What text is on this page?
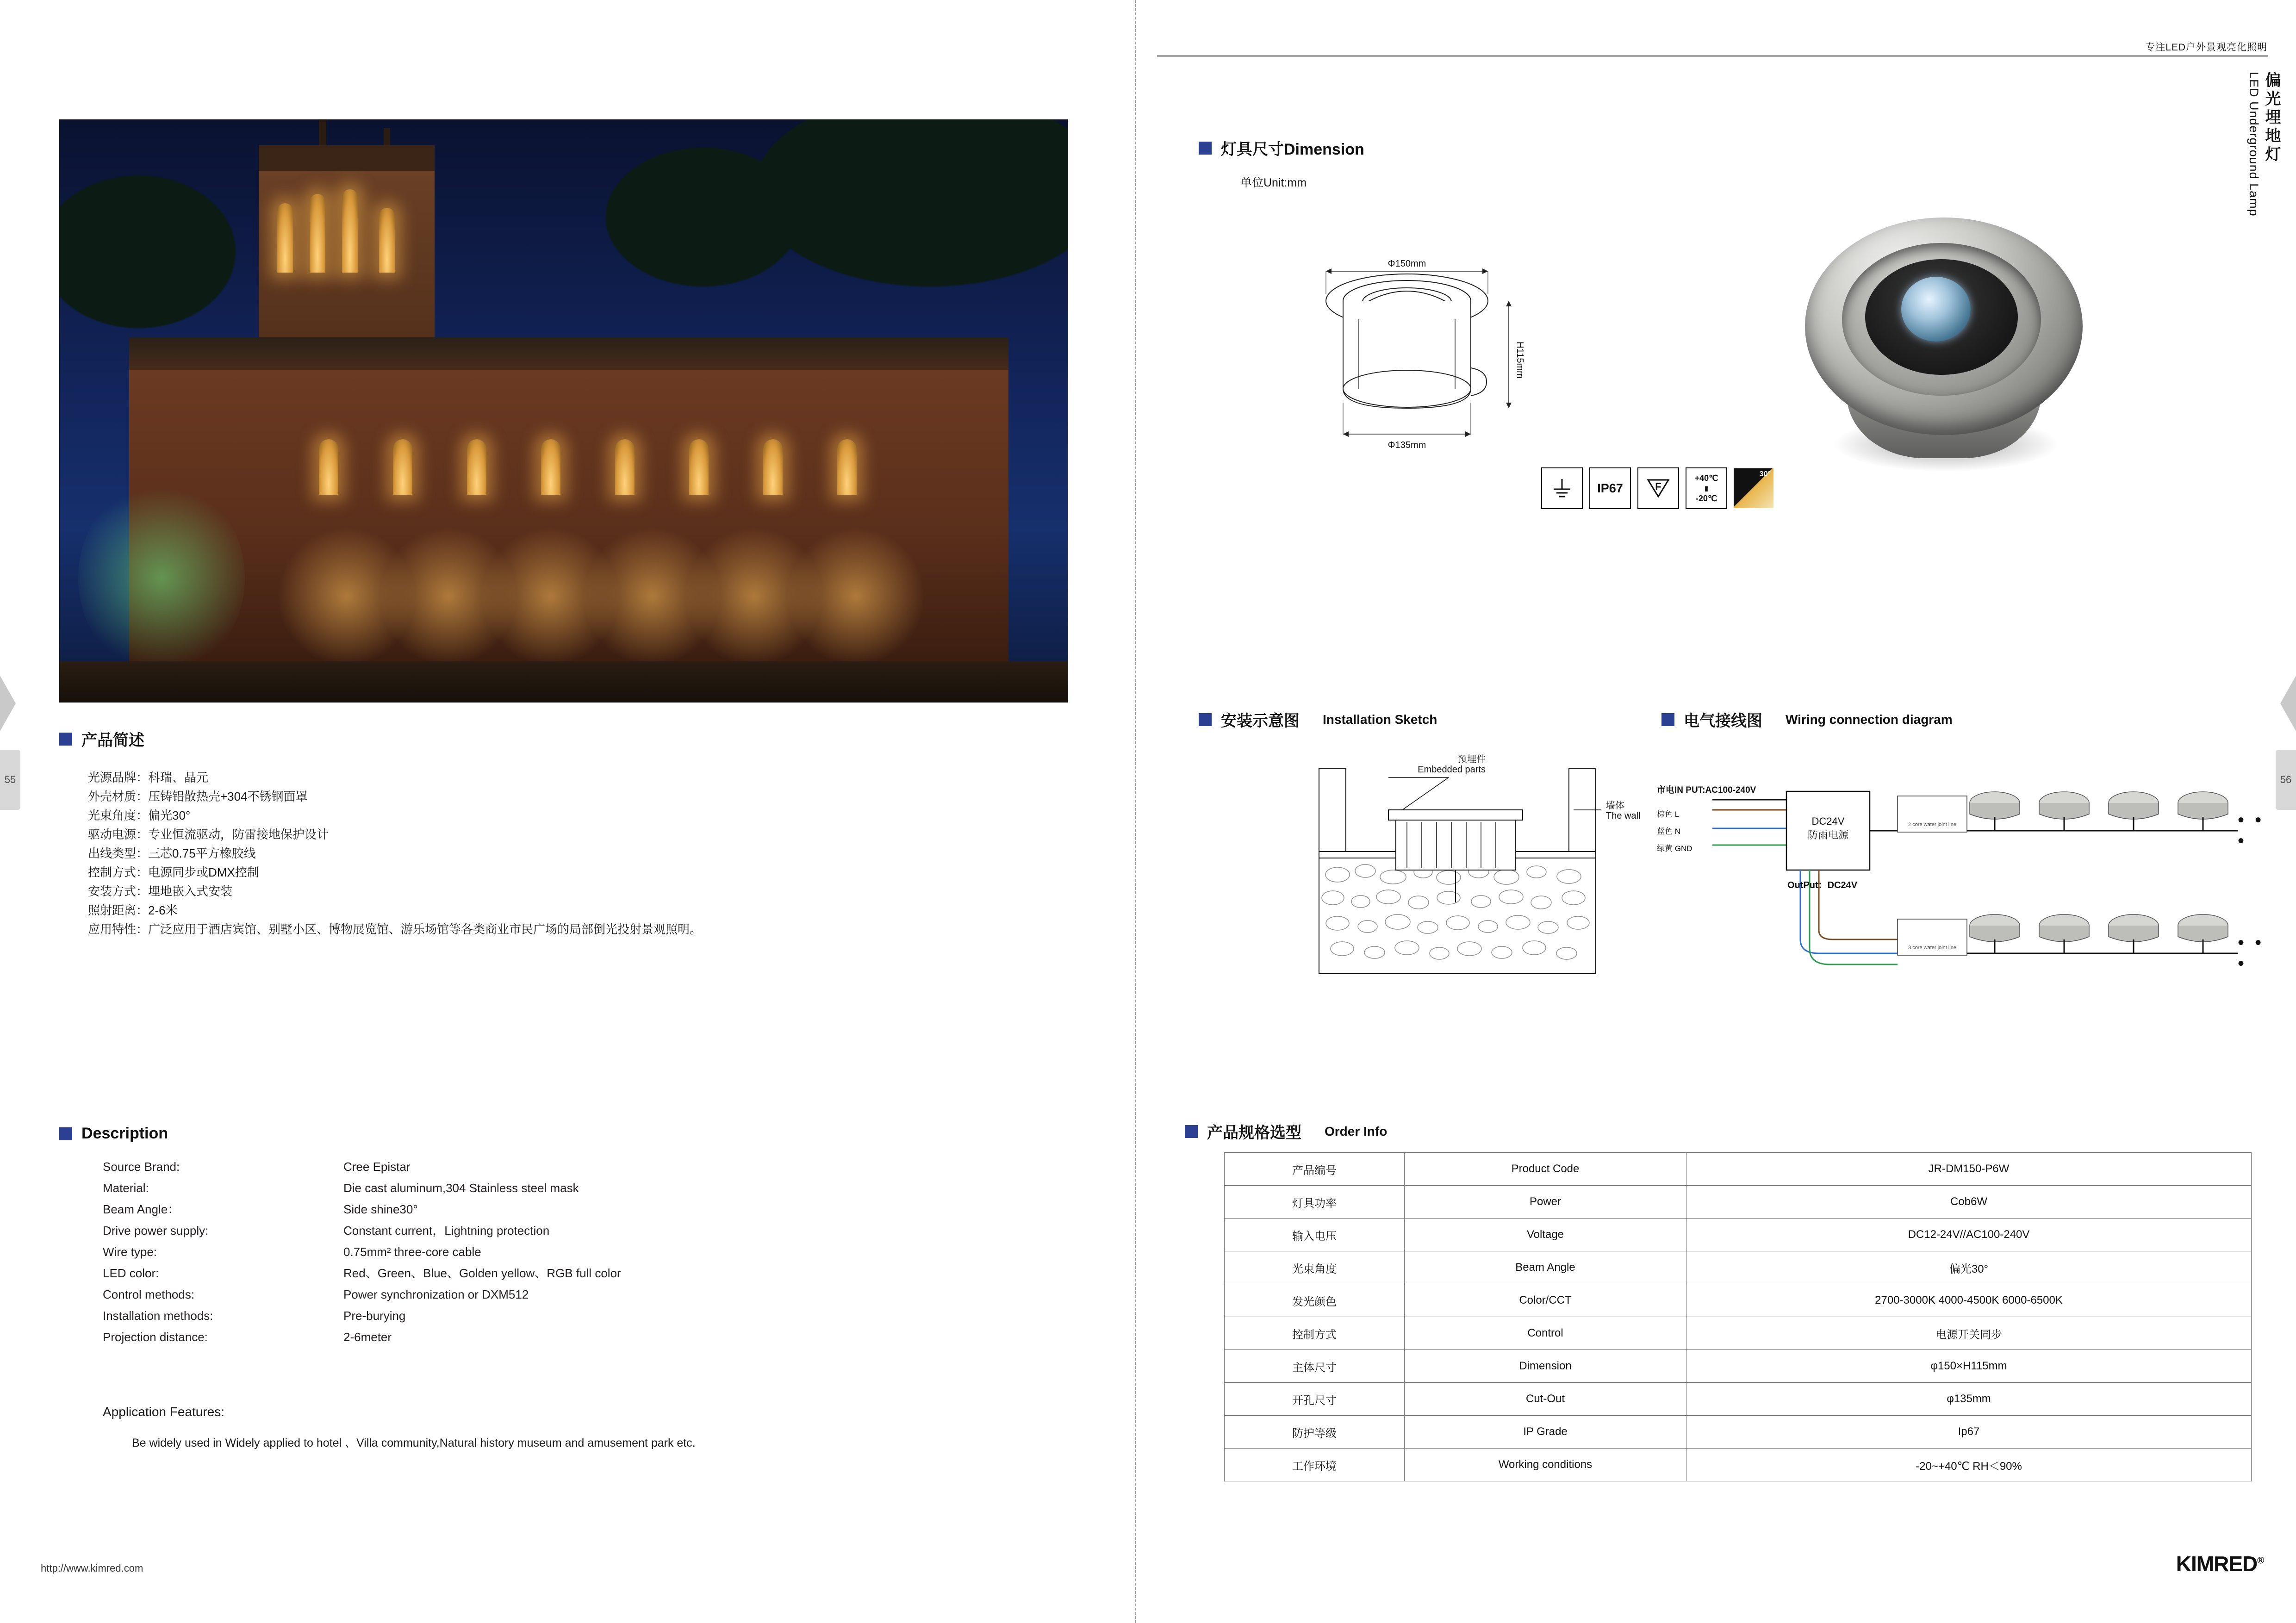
55	56
专注LED户外景观亮化照明
偏光埋地灯
LED Underground Lamp
产品简述
光源品牌：科瑞、晶元
外壳材质：压铸铝散热壳+304不锈钢面罩
光束角度：偏光30°
驱动电源：专业恒流驱动，防雷接地保护设计
出线类型：三芯0.75平方橡胶线
控制方式：电源同步或DMX控制
安装方式：埋地嵌入式安装
照射距离：2-6米
应用特性：广泛应用于酒店宾馆、别墅小区、博物展览馆、游乐场馆等各类商业市民广场的局部倒光投射景观照明。
Description
Source Brand:	Cree Epistar
Material:	Die cast aluminum,304 Stainless steel mask
Beam Angle：	Side shine30°
Drive power supply:	Constant current，Lightning protection
Wire type:	0.75mm² three-core cable
LED color:	Red、Green、Blue、Golden yellow、RGB full color
Control methods:	Power synchronization or DXM512
Installation methods:	Pre-burying
Projection distance:	2-6meter
Application Features:
Be widely used in Widely applied to hotel 、Villa community,Natural history museum and amusement park etc.
http://www.kimred.com	KIMRED®
灯具尺寸Dimension
单位Unit:mm
Φ150mm
H115mm
Φ135mm
IP67	F
+40℃
▮
-20℃
30°
安装示意图 Installation Sketch
预埋件
Embedded parts
墙体
The wall
电气接线图 Wiring connection diagram
市电IN PUT:AC100-240V
棕色 L
蓝色 N
绿黄 GND
DC24V
防雨电源
OutPut：DC24V
2 core water joint line
3 core water joint line
• • •
• • •
产品规格选型 Order Info
产品编号	Product Code	JR-DM150-P6W
灯具功率	Power	Cob6W
输入电压	Voltage	DC12-24V//AC100-240V
光束角度	Beam Angle	偏光30°
发光颜色	Color/CCT	2700-3000K 4000-4500K 6000-6500K
控制方式	Control	电源开关同步
主体尺寸	Dimension	φ150×H115mm
开孔尺寸	Cut-Out	φ135mm
防护等级	IP Grade	Ip67
工作环境	Working conditions	-20~+40℃ RH＜90%
